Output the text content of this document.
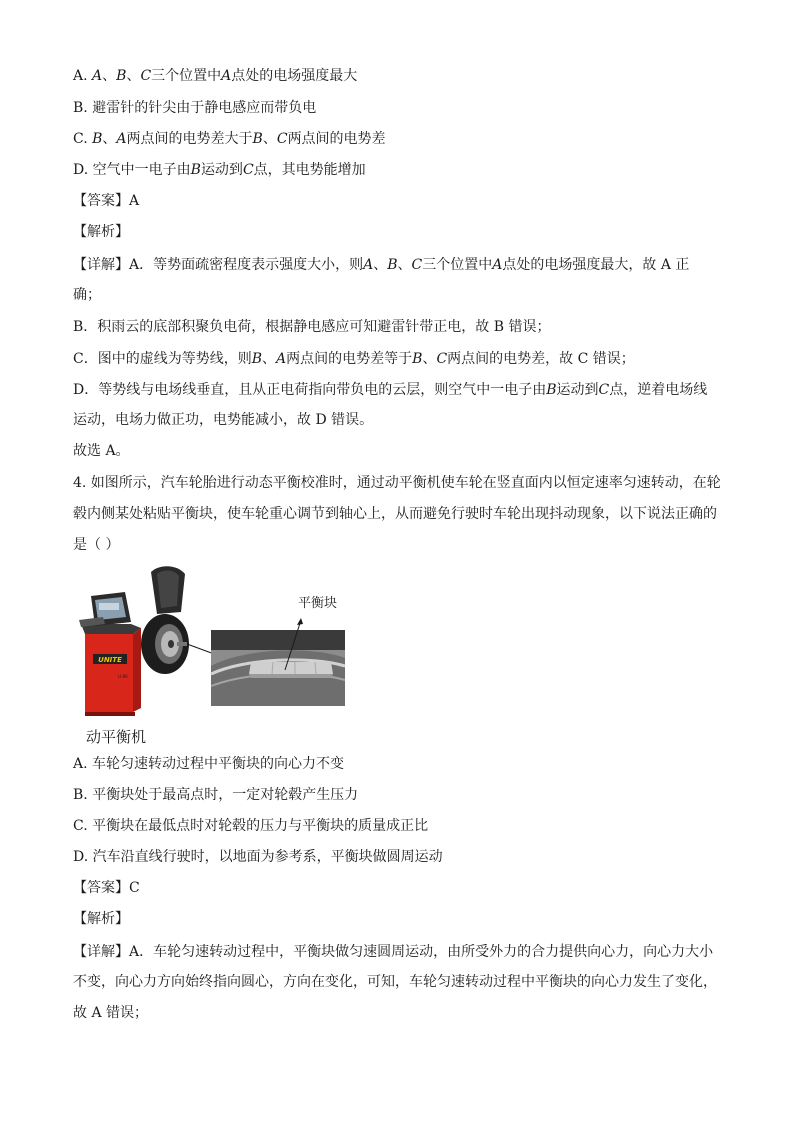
A. A、B、C三个位置中A点处的电场强度最大
B. 避雷针的针尖由于静电感应而带负电
C. B、A两点间的电势差大于B、C两点间的电势差
D. 空气中一电子由B运动到C点，其电势能增加
【答案】A
【解析】
【详解】A．等势面疏密程度表示强度大小，则A、B、C三个位置中A点处的电场强度最大，故 A 正
确；
B．积雨云的底部积聚负电荷，根据静电感应可知避雷针带正电，故 B 错误；
C．图中的虚线为等势线，则B、A两点间的电势差等于B、C两点间的电势差，故 C 错误；
D．等势线与电场线垂直，且从正电荷指向带负电的云层，则空气中一电子由B运动到C点，逆着电场线
运动，电场力做正功，电势能减小，故 D 错误。
故选 A。
4. 如图所示，汽车轮胎进行动态平衡校准时，通过动平衡机使车轮在竖直面内以恒定速率匀速转动，在轮
毂内侧某处粘贴平衡块，使车轮重心调节到轴心上，从而避免行驶时车轮出现抖动现象，以下说法正确的
是（ ）
UNITE
U-96
平衡块
动平衡机
A. 车轮匀速转动过程中平衡块的向心力不变
B. 平衡块处于最高点时，一定对轮毂产生压力
C. 平衡块在最低点时对轮毂的压力与平衡块的质量成正比
D. 汽车沿直线行驶时，以地面为参考系，平衡块做圆周运动
【答案】C
【解析】
【详解】A．车轮匀速转动过程中，平衡块做匀速圆周运动，由所受外力的合力提供向心力，向心力大小
不变，向心力方向始终指向圆心，方向在变化，可知，车轮匀速转动过程中平衡块的向心力发生了变化，
故 A 错误；
